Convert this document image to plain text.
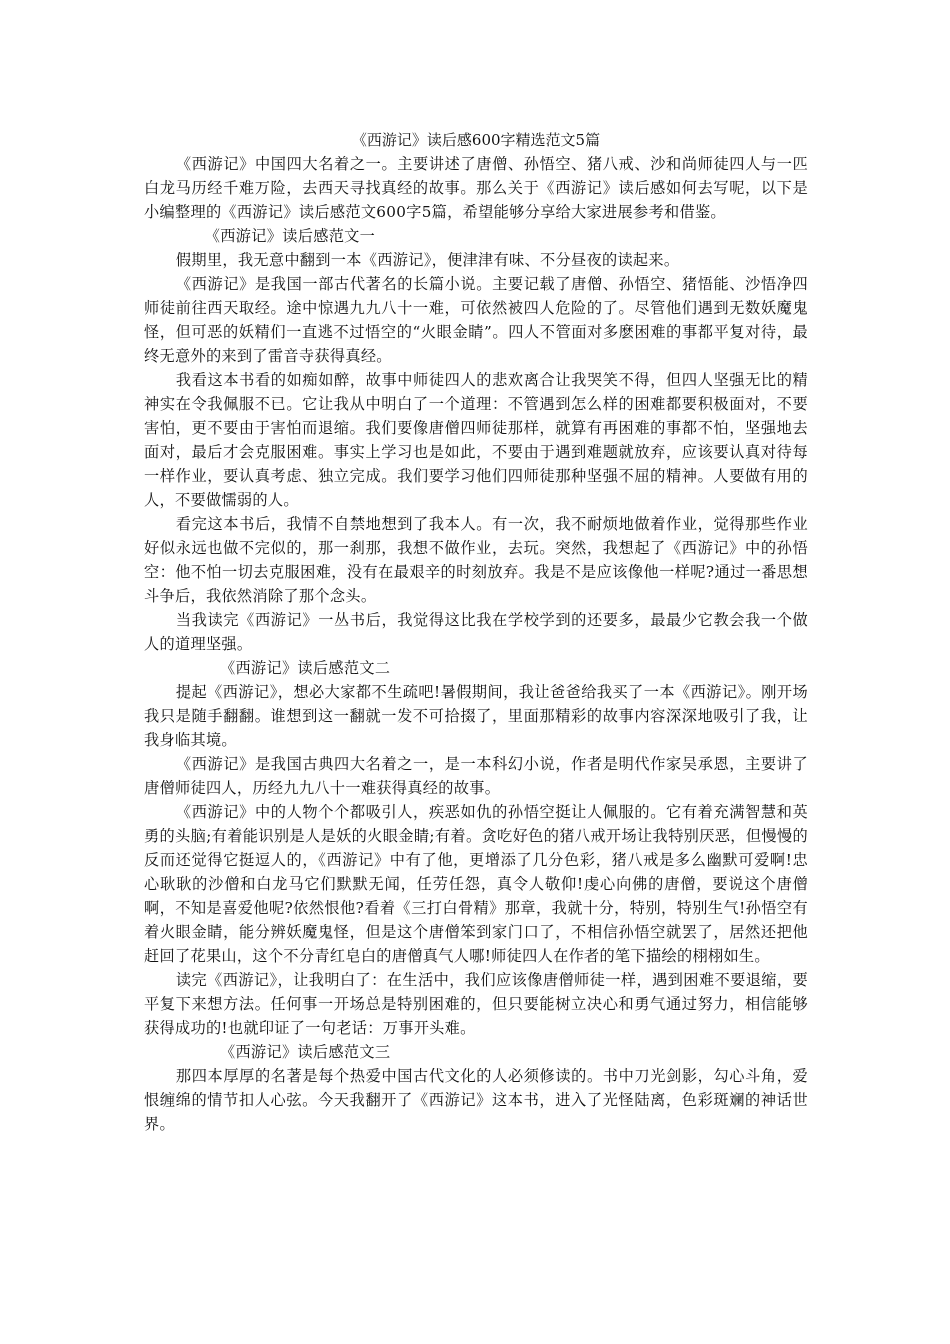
《西游记》读后感600字精选范文5篇

《西游记》中国四大名着之一。主要讲述了唐僧、孙悟空、猪八戒、沙和尚师徒四人与一匹白龙马历经千难万险，去西天寻找真经的故事。那么关于《西游记》读后感如何去写呢，以下是小编整理的《西游记》读后感范文600字5篇，希望能够分享给大家进展参考和借鉴。

《西游记》读后感范文一

假期里，我无意中翻到一本《西游记》，便津津有味、不分昼夜的读起来。

《西游记》是我国一部古代著名的长篇小说。主要记载了唐僧、孙悟空、猪悟能、沙悟净四师徒前往西天取经。途中惊遇九九八十一难，可依然被四人危险的了。尽管他们遇到无数妖魔鬼怪，但可恶的妖精们一直逃不过悟空的“火眼金睛”。四人不管面对多麽困难的事都平复对待，最终无意外的来到了雷音寺获得真经。

我看这本书看的如痴如醉，故事中师徒四人的悲欢离合让我哭笑不得，但四人坚强无比的精神实在令我佩服不已。它让我从中明白了一个道理：不管遇到怎么样的困难都要积极面对，不要害怕，更不要由于害怕而退缩。我们要像唐僧四师徒那样，就算有再困难的事都不怕，坚强地去面对，最后才会克服困难。事实上学习也是如此，不要由于遇到难题就放弃，应该要认真对待每一样作业，要认真考虑、独立完成。我们要学习他们四师徒那种坚强不屈的精神。人要做有用的人，不要做懦弱的人。

看完这本书后，我情不自禁地想到了我本人。有一次，我不耐烦地做着作业，觉得那些作业好似永远也做不完似的，那一刹那，我想不做作业，去玩。突然，我想起了《西游记》中的孙悟空：他不怕一切去克服困难，没有在最艰辛的时刻放弃。我是不是应该像他一样呢?通过一番思想斗争后，我依然消除了那个念头。

当我读完《西游记》一丛书后，我觉得这比我在学校学到的还要多，最最少它教会我一个做人的道理坚强。

《西游记》读后感范文二

提起《西游记》，想必大家都不生疏吧!暑假期间，我让爸爸给我买了一本《西游记》。刚开场我只是随手翻翻。谁想到这一翻就一发不可拾掇了，里面那精彩的故事内容深深地吸引了我，让我身临其境。

《西游记》是我国古典四大名着之一，是一本科幻小说，作者是明代作家吴承恩，主要讲了唐僧师徒四人，历经九九八十一难获得真经的故事。

《西游记》中的人物个个都吸引人，疾恶如仇的孙悟空挺让人佩服的。它有着充满智慧和英勇的头脑;有着能识别是人是妖的火眼金睛;有着。贪吃好色的猪八戒开场让我特别厌恶，但慢慢的反而还觉得它挺逗人的，《西游记》中有了他，更增添了几分色彩，猪八戒是多么幽默可爱啊!忠心耿耿的沙僧和白龙马它们默默无闻，任劳任怨，真令人敬仰!虔心向佛的唐僧，要说这个唐僧啊，不知是喜爱他呢?依然恨他?看着《三打白骨精》那章，我就十分，特别，特别生气!孙悟空有着火眼金睛，能分辨妖魔鬼怪，但是这个唐僧笨到家门口了，不相信孙悟空就罢了，居然还把他赶回了花果山，这个不分青红皂白的唐僧真气人哪!师徒四人在作者的笔下描绘的栩栩如生。

读完《西游记》，让我明白了：在生活中，我们应该像唐僧师徒一样，遇到困难不要退缩，要平复下来想方法。任何事一开场总是特别困难的，但只要能树立决心和勇气通过努力，相信能够获得成功的!也就印证了一句老话：万事开头难。

《西游记》读后感范文三

那四本厚厚的名著是每个热爱中国古代文化的人必须修读的。书中刀光剑影，勾心斗角，爱恨缠绵的情节扣人心弦。今天我翻开了《西游记》这本书，进入了光怪陆离，色彩斑斓的神话世界。
